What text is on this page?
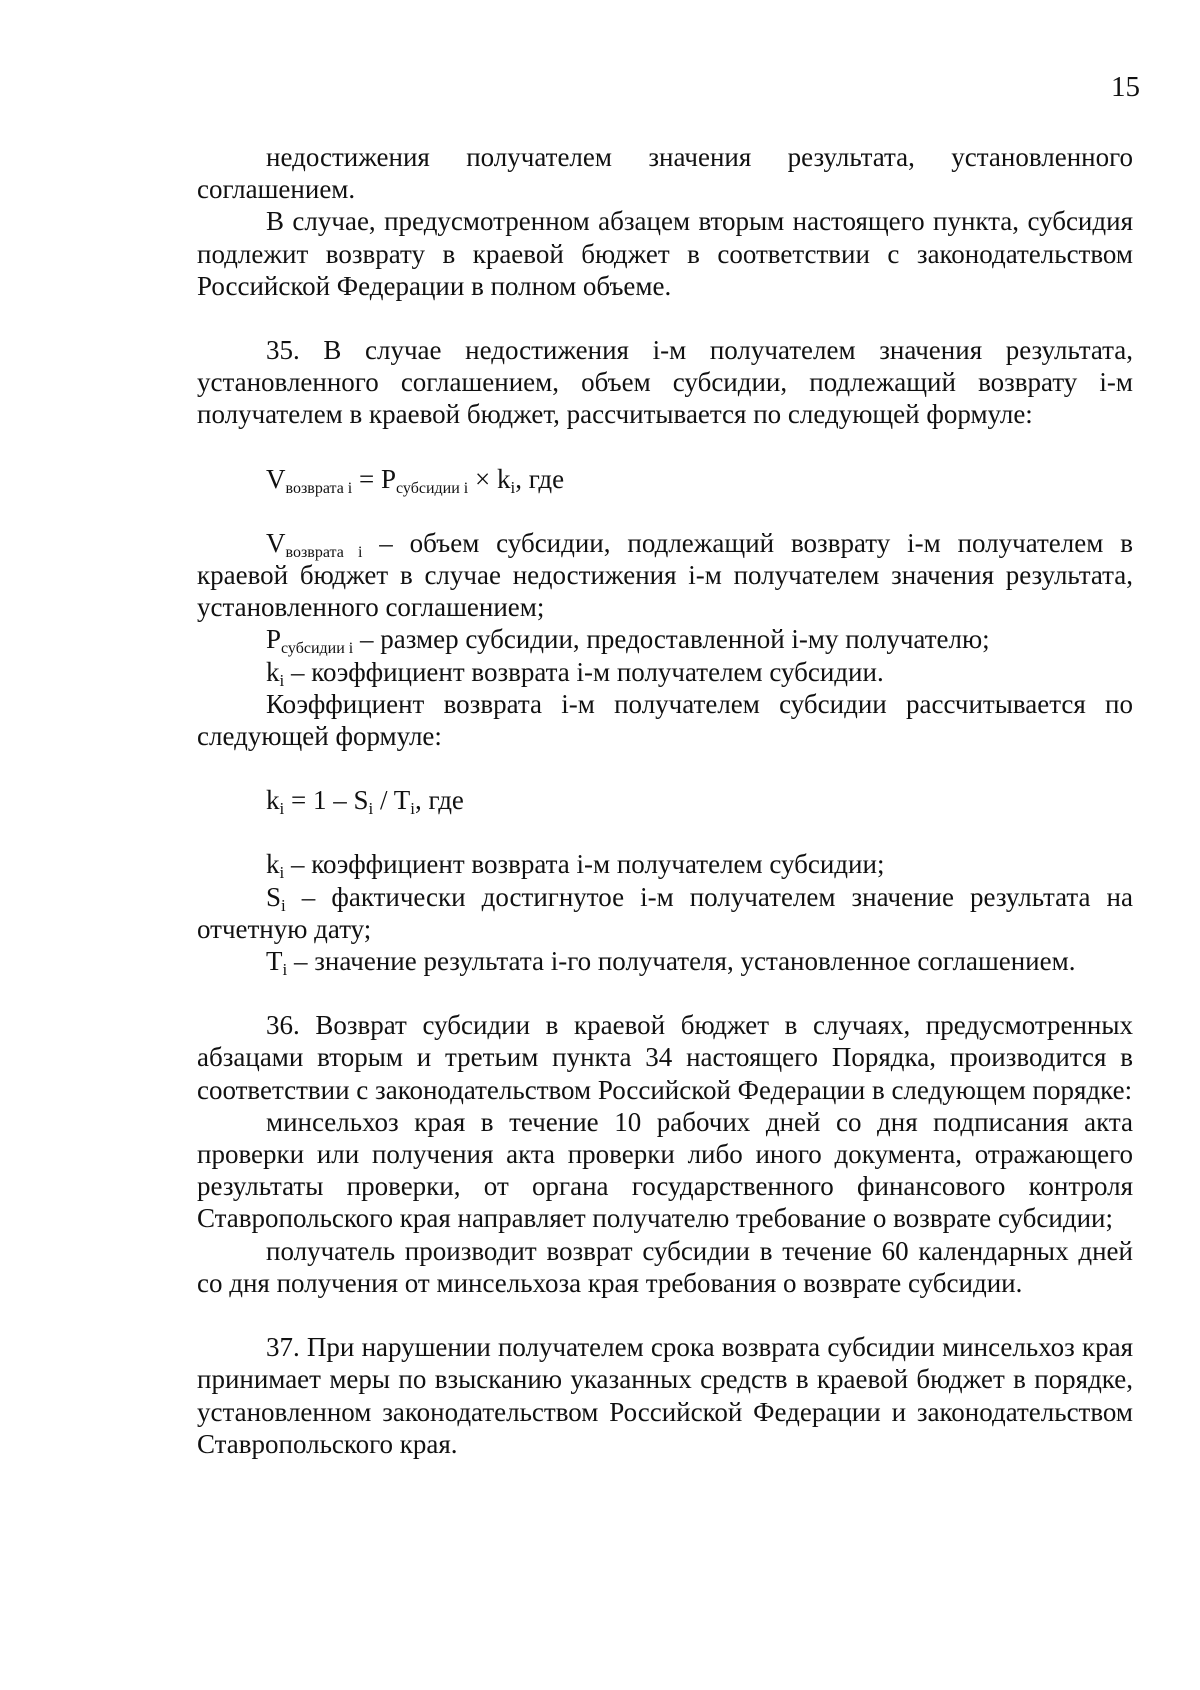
15

недостижения получателем значения результата, установленного соглашением.

В случае, предусмотренном абзацем вторым настоящего пункта, субсидия подлежит возврату в краевой бюджет в соответствии с законодательством Российской Федерации в полном объеме.

35. В случае недостижения i-м получателем значения результата, установленного соглашением, объем субсидии, подлежащий возврату i-м получателем в краевой бюджет, рассчитывается по следующей формуле:

$V_{возврата i} = P_{субсидии i}$ × ki, где

$V_{возврата i}$ – объем субсидии, подлежащий возврату i-м получателем в краевой бюджет в случае недостижения i-м получателем значения результата, установленного соглашением;

$P_{субсидии i}$ – размер субсидии, предоставленной i-му получателю;

ki – коэффициент возврата i-м получателем субсидии.

Коэффициент возврата i-м получателем субсидии рассчитывается по следующей формуле:

ki = 1 – Si / Ti, где

ki – коэффициент возврата i-м получателем субсидии;

Si – фактически достигнутое i-м получателем значение результата на отчетную дату;

Ti – значение результата i-го получателя, установленное соглашением.

36. Возврат субсидии в краевой бюджет в случаях, предусмотренных абзацами вторым и третьим пункта 34 настоящего Порядка, производится в соответствии с законодательством Российской Федерации в следующем порядке:

минсельхоз края в течение 10 рабочих дней со дня подписания акта проверки или получения акта проверки либо иного документа, отражающего результаты проверки, от органа государственного финансового контроля Ставропольского края направляет получателю требование о возврате субсидии;

получатель производит возврат субсидии в течение 60 календарных дней со дня получения от минсельхоза края требования о возврате субсидии.

37. При нарушении получателем срока возврата субсидии минсельхоз края принимает меры по взысканию указанных средств в краевой бюджет в порядке, установленном законодательством Российской Федерации и законодательством Ставропольского края.
